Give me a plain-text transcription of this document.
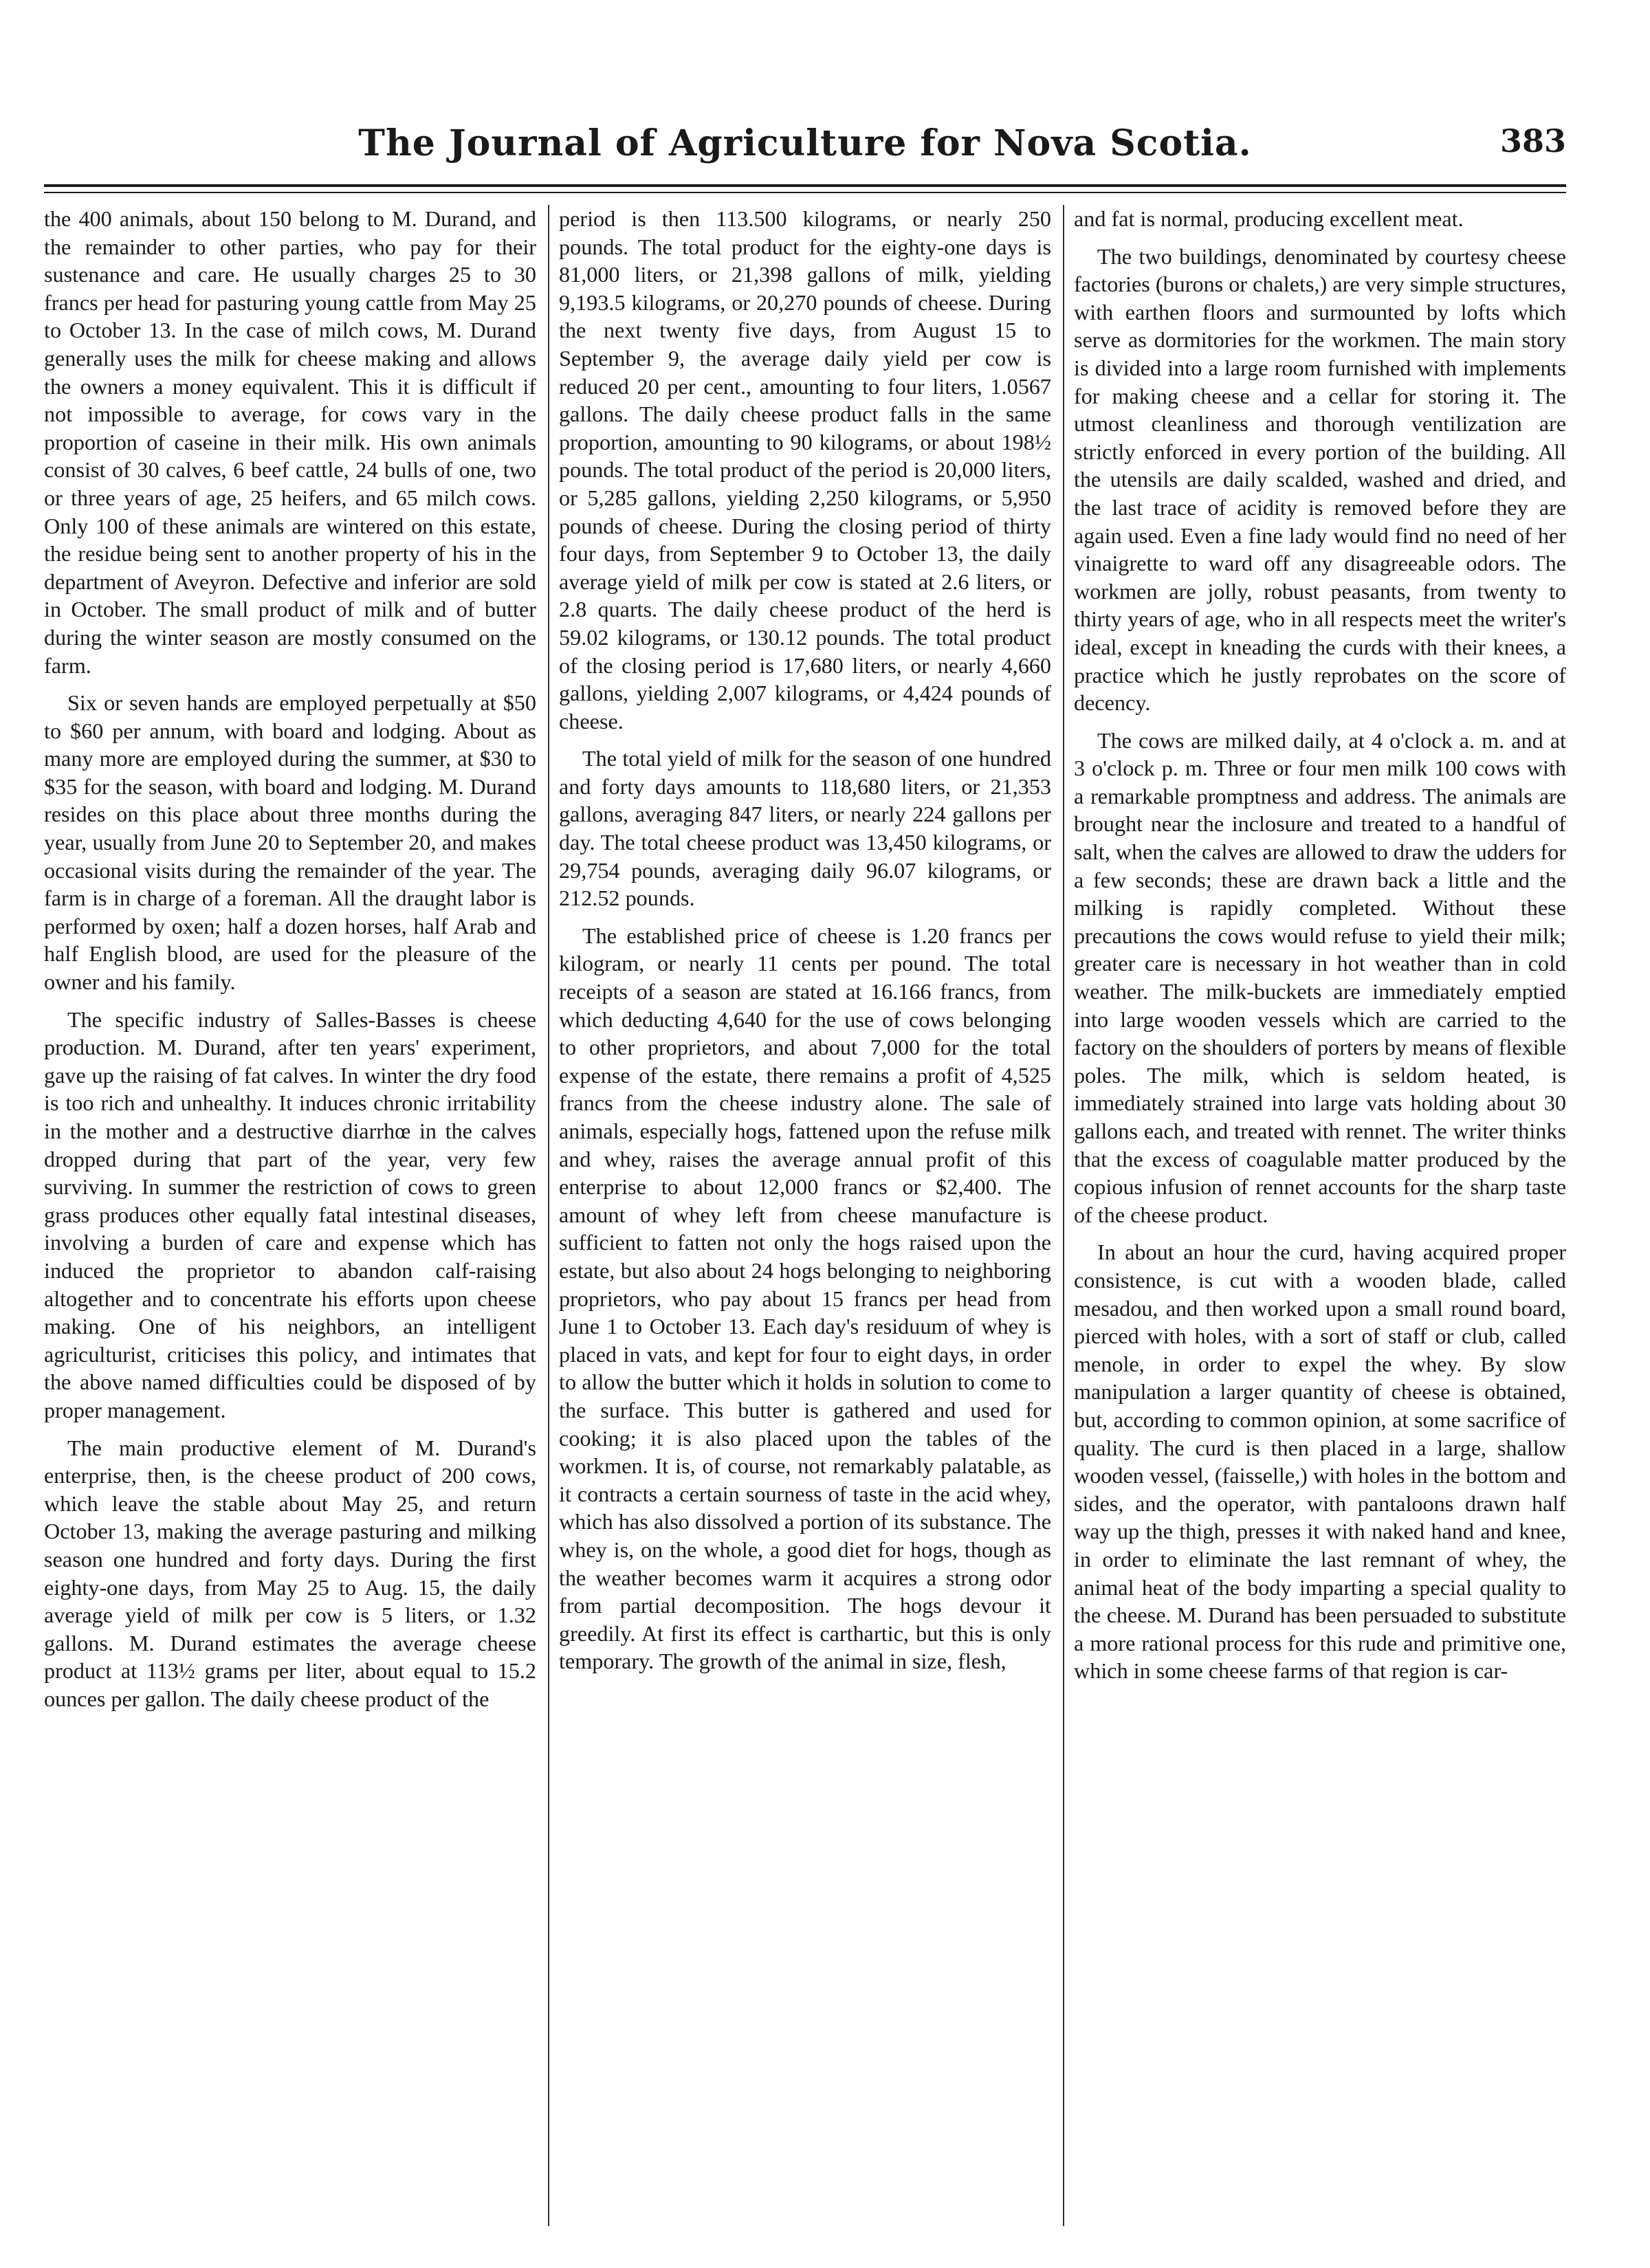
The Journal of Agriculture for Nova Scotia.	383

the 400 animals, about 150 belong to M. Durand, and the remainder to other parties, who pay for their sustenance and care. He usually charges 25 to 30 francs per head for pasturing young cattle from May 25 to October 13. In the case of milch cows, M. Durand generally uses the milk for cheese making and allows the owners a money equivalent. This it is difficult if not impossible to average, for cows vary in the proportion of caseine in their milk. His own animals consist of 30 calves, 6 beef cattle, 24 bulls of one, two or three years of age, 25 heifers, and 65 milch cows. Only 100 of these animals are wintered on this estate, the residue being sent to another property of his in the department of Aveyron. Defective and inferior are sold in October. The small product of milk and of butter during the winter season are mostly consumed on the farm.

Six or seven hands are employed perpetually at $50 to $60 per annum, with board and lodging. About as many more are employed during the summer, at $30 to $35 for the season, with board and lodging. M. Durand resides on this place about three months during the year, usually from June 20 to September 20, and makes occasional visits during the remainder of the year. The farm is in charge of a foreman. All the draught labor is performed by oxen; half a dozen horses, half Arab and half English blood, are used for the pleasure of the owner and his family.

The specific industry of Salles-Basses is cheese production. M. Durand, after ten years' experiment, gave up the raising of fat calves. In winter the dry food is too rich and unhealthy. It induces chronic irritability in the mother and a destructive diarrhœ in the calves dropped during that part of the year, very few surviving. In summer the restriction of cows to green grass produces other equally fatal intestinal diseases, involving a burden of care and expense which has induced the proprietor to abandon calf-raising altogether and to concentrate his efforts upon cheese making. One of his neighbors, an intelligent agriculturist, criticises this policy, and intimates that the above named difficulties could be disposed of by proper management.

The main productive element of M. Durand's enterprise, then, is the cheese product of 200 cows, which leave the stable about May 25, and return October 13, making the average pasturing and milking season one hundred and forty days. During the first eighty-one days, from May 25 to Aug. 15, the daily average yield of milk per cow is 5 liters, or 1.32 gallons. M. Durand estimates the average cheese product at 113½ grams per liter, about equal to 15.2 ounces per gallon. The daily cheese product of the

period is then 113.500 kilograms, or nearly 250 pounds. The total product for the eighty-one days is 81,000 liters, or 21,398 gallons of milk, yielding 9,193.5 kilograms, or 20,270 pounds of cheese. During the next twenty five days, from August 15 to September 9, the average daily yield per cow is reduced 20 per cent., amounting to four liters, 1.0567 gallons. The daily cheese product falls in the same proportion, amounting to 90 kilograms, or about 198½ pounds. The total product of the period is 20,000 liters, or 5,285 gallons, yielding 2,250 kilograms, or 5,950 pounds of cheese. During the closing period of thirty four days, from September 9 to October 13, the daily average yield of milk per cow is stated at 2.6 liters, or 2.8 quarts. The daily cheese product of the herd is 59.02 kilograms, or 130.12 pounds. The total product of the closing period is 17,680 liters, or nearly 4,660 gallons, yielding 2,007 kilograms, or 4,424 pounds of cheese.

The total yield of milk for the season of one hundred and forty days amounts to 118,680 liters, or 21,353 gallons, averaging 847 liters, or nearly 224 gallons per day. The total cheese product was 13,450 kilograms, or 29,754 pounds, averaging daily 96.07 kilograms, or 212.52 pounds.

The established price of cheese is 1.20 francs per kilogram, or nearly 11 cents per pound. The total receipts of a season are stated at 16.166 francs, from which deducting 4,640 for the use of cows belonging to other proprietors, and about 7,000 for the total expense of the estate, there remains a profit of 4,525 francs from the cheese industry alone. The sale of animals, especially hogs, fattened upon the refuse milk and whey, raises the average annual profit of this enterprise to about 12,000 francs or $2,400. The amount of whey left from cheese manufacture is sufficient to fatten not only the hogs raised upon the estate, but also about 24 hogs belonging to neighboring proprietors, who pay about 15 francs per head from June 1 to October 13. Each day's residuum of whey is placed in vats, and kept for four to eight days, in order to allow the butter which it holds in solution to come to the surface. This butter is gathered and used for cooking; it is also placed upon the tables of the workmen. It is, of course, not remarkably palatable, as it contracts a certain sourness of taste in the acid whey, which has also dissolved a portion of its substance. The whey is, on the whole, a good diet for hogs, though as the weather becomes warm it acquires a strong odor from partial decomposition. The hogs devour it greedily. At first its effect is carthartic, but this is only temporary. The growth of the animal in size, flesh,

and fat is normal, producing excellent meat.

The two buildings, denominated by courtesy cheese factories (burons or chalets,) are very simple structures, with earthen floors and surmounted by lofts which serve as dormitories for the workmen. The main story is divided into a large room furnished with implements for making cheese and a cellar for storing it. The utmost cleanliness and thorough ventilization are strictly enforced in every portion of the building. All the utensils are daily scalded, washed and dried, and the last trace of acidity is removed before they are again used. Even a fine lady would find no need of her vinaigrette to ward off any disagreeable odors. The workmen are jolly, robust peasants, from twenty to thirty years of age, who in all respects meet the writer's ideal, except in kneading the curds with their knees, a practice which he justly reprobates on the score of decency.

The cows are milked daily, at 4 o'clock a. m. and at 3 o'clock p. m. Three or four men milk 100 cows with a remarkable promptness and address. The animals are brought near the inclosure and treated to a handful of salt, when the calves are allowed to draw the udders for a few seconds; these are drawn back a little and the milking is rapidly completed. Without these precautions the cows would refuse to yield their milk; greater care is necessary in hot weather than in cold weather. The milk-buckets are immediately emptied into large wooden vessels which are carried to the factory on the shoulders of porters by means of flexible poles. The milk, which is seldom heated, is immediately strained into large vats holding about 30 gallons each, and treated with rennet. The writer thinks that the excess of coagulable matter produced by the copious infusion of rennet accounts for the sharp taste of the cheese product.

In about an hour the curd, having acquired proper consistence, is cut with a wooden blade, called mesadou, and then worked upon a small round board, pierced with holes, with a sort of staff or club, called menole, in order to expel the whey. By slow manipulation a larger quantity of cheese is obtained, but, according to common opinion, at some sacrifice of quality. The curd is then placed in a large, shallow wooden vessel, (faisselle,) with holes in the bottom and sides, and the operator, with pantaloons drawn half way up the thigh, presses it with naked hand and knee, in order to eliminate the last remnant of whey, the animal heat of the body imparting a special quality to the cheese. M. Durand has been persuaded to substitute a more rational process for this rude and primitive one, which in some cheese farms of that region is car-
